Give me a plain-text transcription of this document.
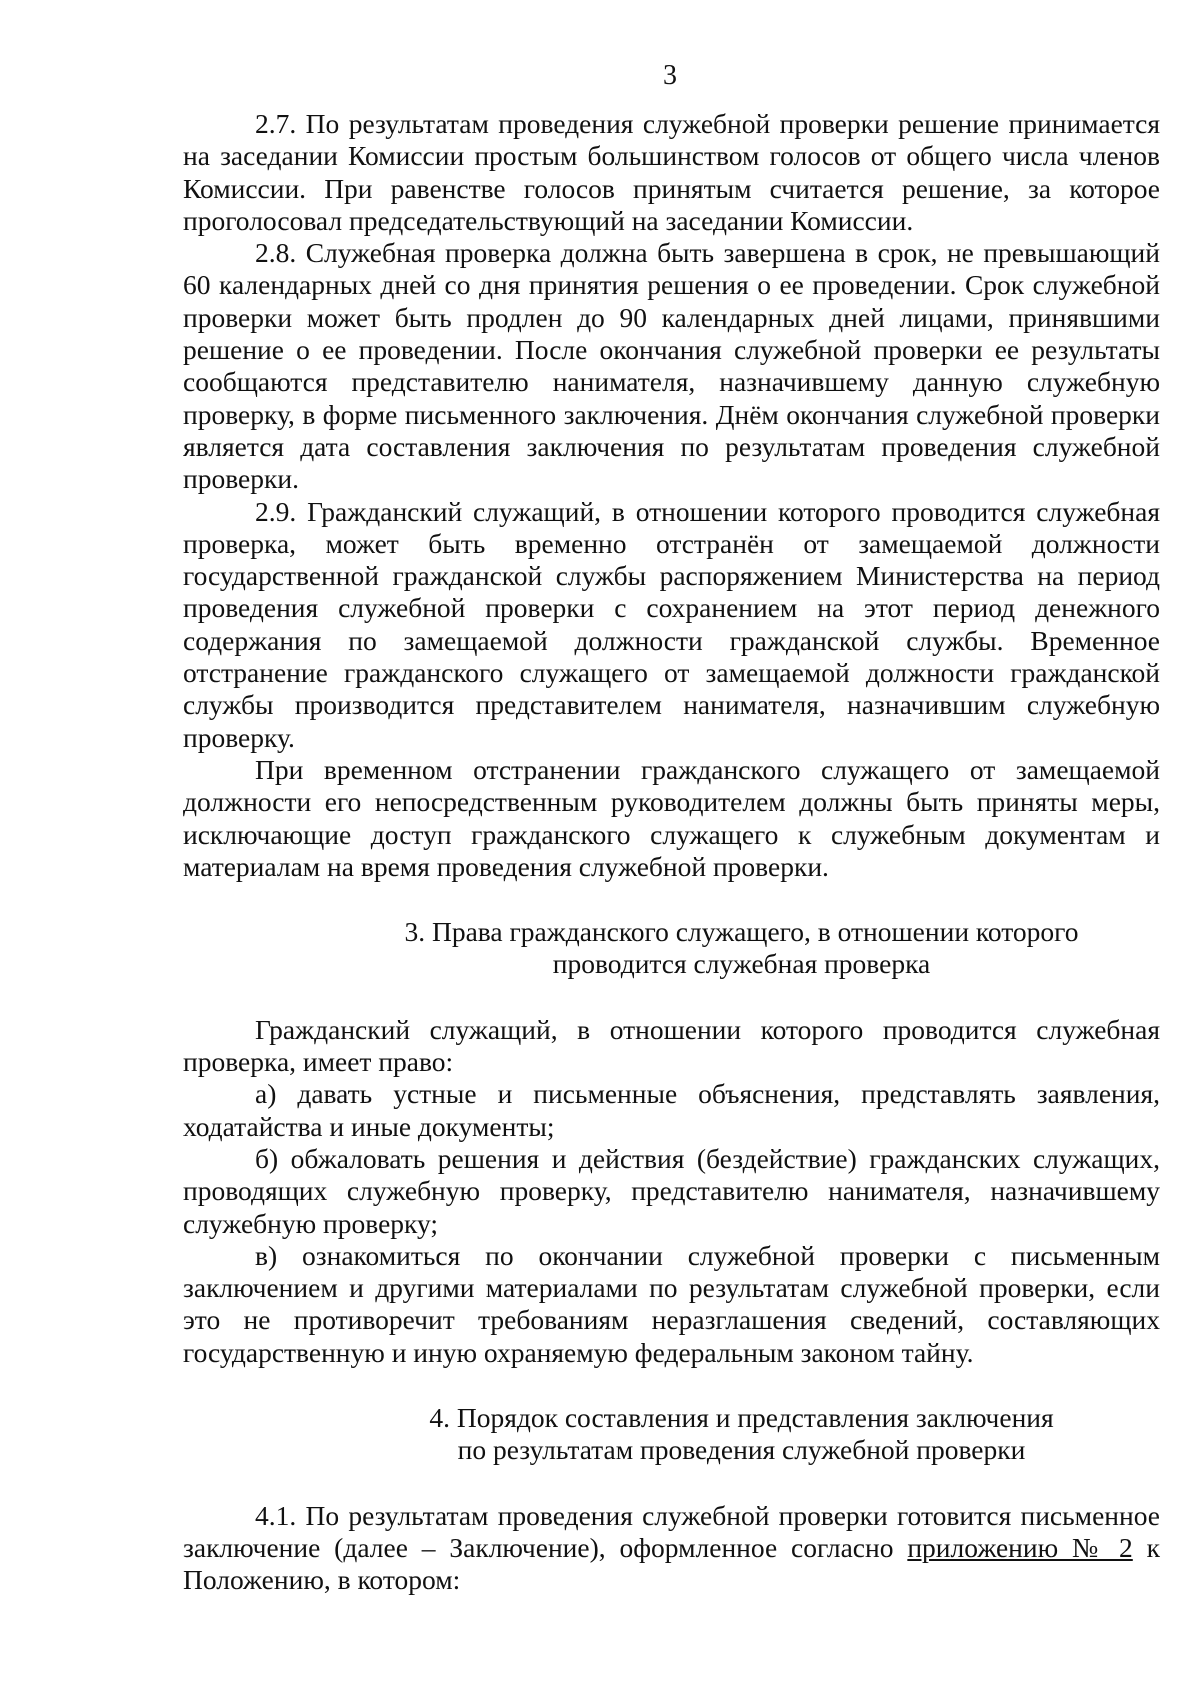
3

2.7. По результатам проведения служебной проверки решение принимается на заседании Комиссии простым большинством голосов от общего числа членов Комиссии. При равенстве голосов принятым считается решение, за которое проголосовал председательствующий на заседании Комиссии.

2.8. Служебная проверка должна быть завершена в срок, не превышающий 60 календарных дней со дня принятия решения о ее проведении. Срок служебной проверки может быть продлен до 90 календарных дней лицами, принявшими решение о ее проведении. После окончания служебной проверки ее результаты сообщаются представителю нанимателя, назначившему данную служебную проверку, в форме письменного заключения. Днём окончания служебной проверки является дата составления заключения по результатам проведения служебной проверки.

2.9. Гражданский служащий, в отношении которого проводится служебная проверка, может быть временно отстранён от замещаемой должности государственной гражданской службы распоряжением Министерства на период проведения служебной проверки с сохранением на этот период денежного содержания по замещаемой должности гражданской службы. Временное отстранение гражданского служащего от замещаемой должности гражданской службы производится представителем нанимателя, назначившим служебную проверку.

При временном отстранении гражданского служащего от замещаемой должности его непосредственным руководителем должны быть приняты меры, исключающие доступ гражданского служащего к служебным документам и материалам на время проведения служебной проверки.

3. Права гражданского служащего, в отношении которого
проводится служебная проверка

Гражданский служащий, в отношении которого проводится служебная проверка, имеет право:

а) давать устные и письменные объяснения, представлять заявления, ходатайства и иные документы;

б) обжаловать решения и действия (бездействие) гражданских служащих, проводящих служебную проверку, представителю нанимателя, назначившему служебную проверку;

в) ознакомиться по окончании служебной проверки с письменным заключением и другими материалами по результатам служебной проверки, если это не противоречит требованиям неразглашения сведений, составляющих государственную и иную охраняемую федеральным законом тайну.

4. Порядок составления и представления заключения
по результатам проведения служебной проверки

4.1. По результатам проведения служебной проверки готовится письменное заключение (далее – Заключение), оформленное согласно приложению № 2 к Положению, в котором:
